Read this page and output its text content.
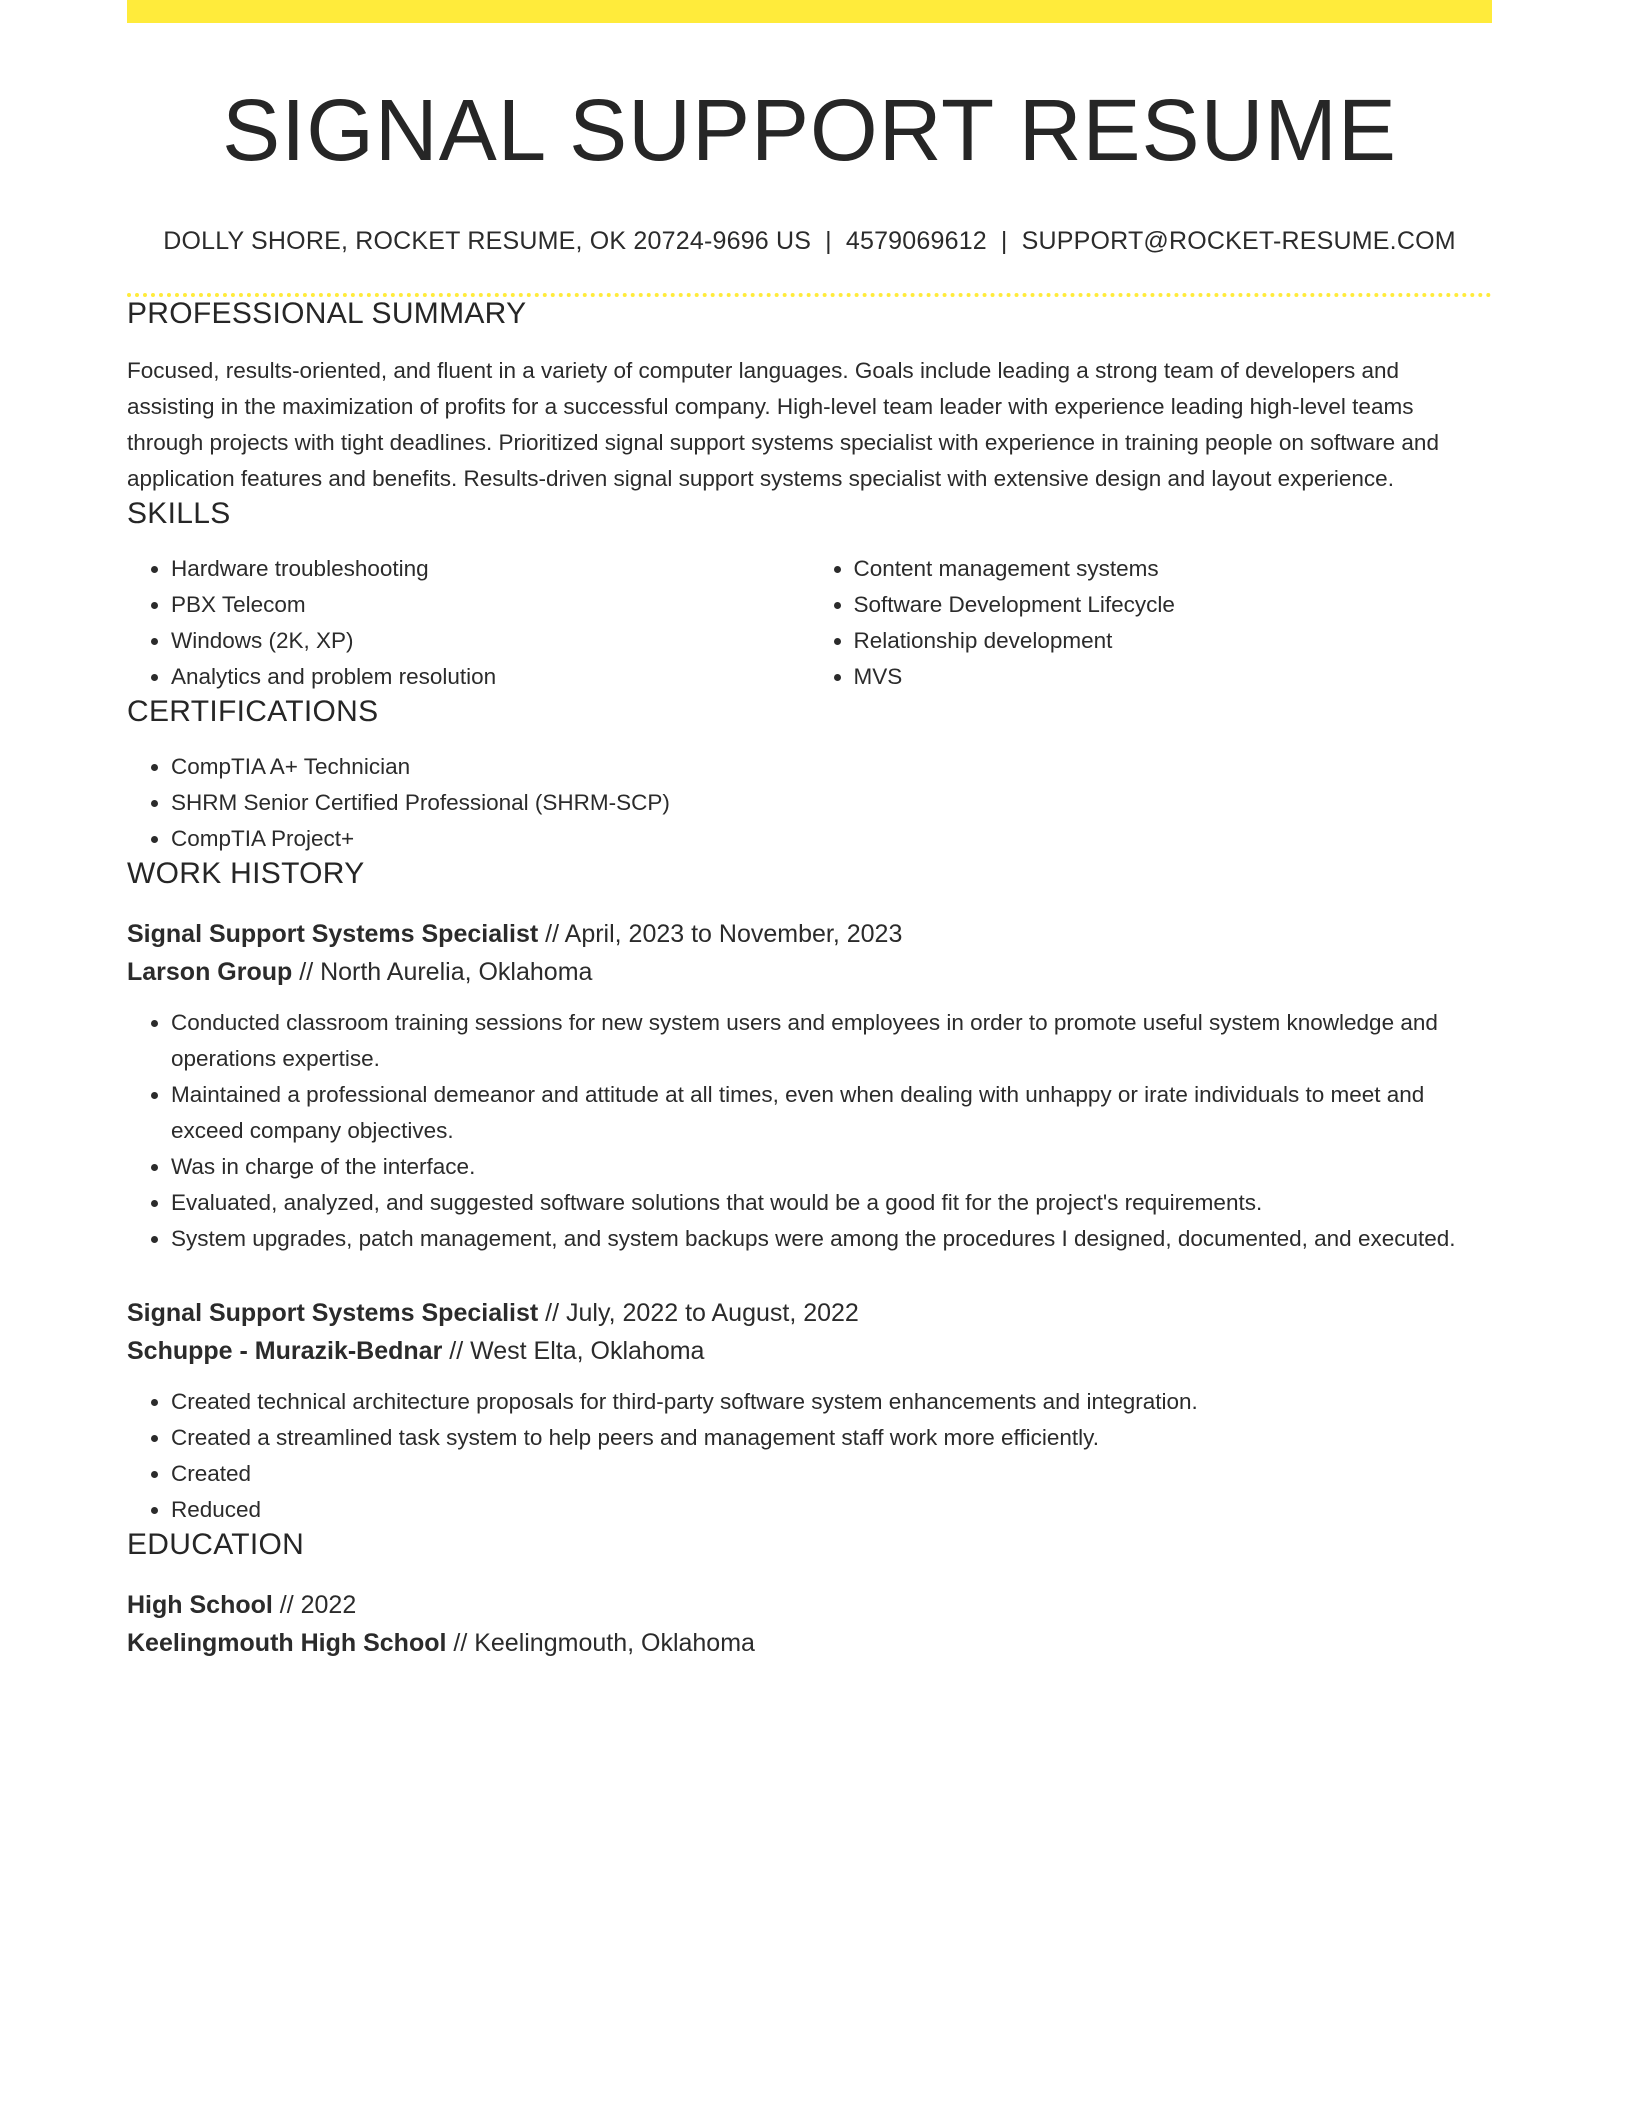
SIGNAL SUPPORT RESUME
DOLLY SHORE, ROCKET RESUME, OK 20724-9696 US | 4579069612 | SUPPORT@ROCKET-RESUME.COM
PROFESSIONAL SUMMARY

Focused, results-oriented, and fluent in a variety of computer languages. Goals include leading a strong team of developers and assisting in the maximization of profits for a successful company. High-level team leader with experience leading high-level teams through projects with tight deadlines. Prioritized signal support systems specialist with experience in training people on software and application features and benefits. Results-driven signal support systems specialist with extensive design and layout experience.

SKILLS
• Hardware troubleshooting
• PBX Telecom
• Windows (2K, XP)
• Analytics and problem resolution
• Content management systems
• Software Development Lifecycle
• Relationship development
• MVS
CERTIFICATIONS
• CompTIA A+ Technician
• SHRM Senior Certified Professional (SHRM-SCP)
• CompTIA Project+
WORK HISTORY
Signal Support Systems Specialist // April, 2023 to November, 2023
Larson Group // North Aurelia, Oklahoma
• Conducted classroom training sessions for new system users and employees in order to promote useful system knowledge and operations expertise.
• Maintained a professional demeanor and attitude at all times, even when dealing with unhappy or irate individuals to meet and exceed company objectives.
• Was in charge of the interface.
• Evaluated, analyzed, and suggested software solutions that would be a good fit for the project's requirements.
• System upgrades, patch management, and system backups were among the procedures I designed, documented, and executed.
Signal Support Systems Specialist // July, 2022 to August, 2022
Schuppe - Murazik-Bednar // West Elta, Oklahoma
• Created technical architecture proposals for third-party software system enhancements and integration.
• Created a streamlined task system to help peers and management staff work more efficiently.
• Created
• Reduced
EDUCATION
High School // 2022
Keelingmouth High School // Keelingmouth, Oklahoma
